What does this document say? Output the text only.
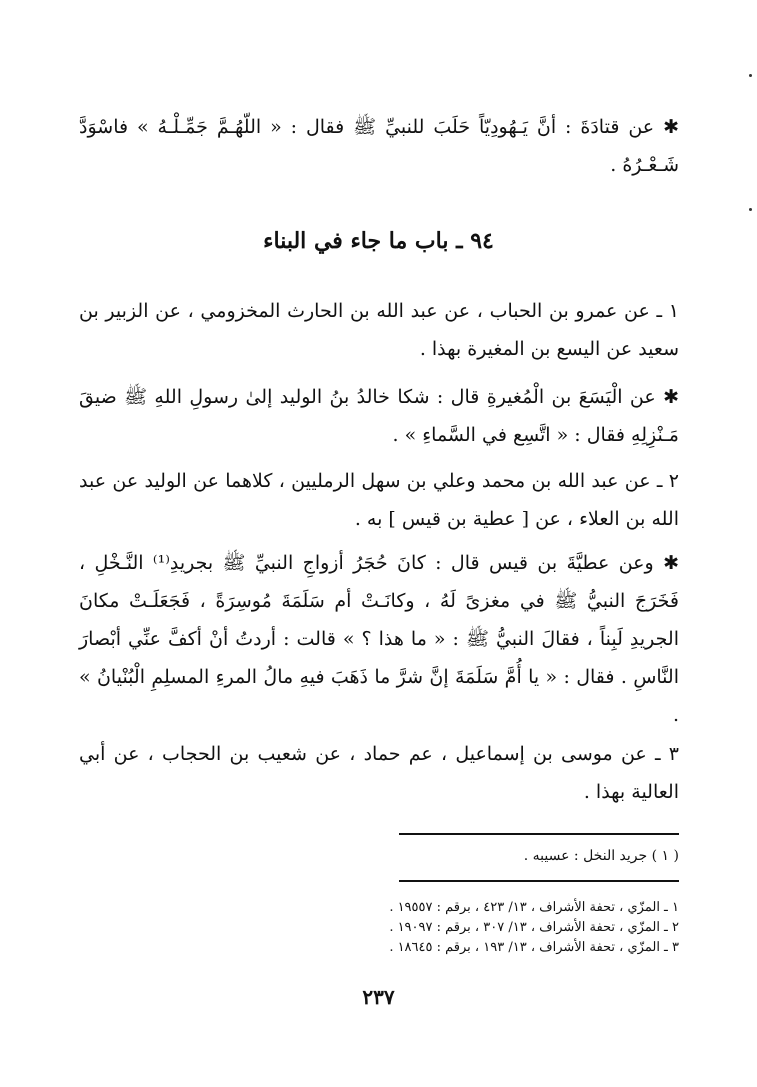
✱ عن قتادَةَ : أنَّ يَـهُودِيّاً حَلَبَ للنبيِّ ﷺ فقال : « اللّهُـمَّ جَمِّـلْـهُ » فاسْوَدَّ شَـعْـرُهُ .
٩٤ ـ باب ما جاء في البناء
١ ـ عن عمرو بن الحباب ، عن عبد الله بن الحارث المخزومي ، عن الزبير بن سعيد عن اليسع بن المغيرة بهذا .
✱ عن الْيَسَعَ بن الْمُغيرةِ قال : شكا خالدُ بنُ الوليد إلىٰ رسولِ اللهِ ﷺ ضيقَ مَـنْزِلِهِ فقال : « اتَّسِع في السَّماءِ » .
٢ ـ عن عبد الله بن محمد وعلي بن سهل الرمليين ، كلاهما عن الوليد عن عبد الله بن العلاء ، عن [ عطية بن قيس ] به .
✱ وعن عطيَّةَ بن قيس قال : كانَ حُجَرُ أزواجِ النبيِّ ﷺ بجريدِ⁽¹⁾ النَّـخْلِ ، فَخَرَجَ النبيُّ ﷺ في مغزىً لَهُ ، وكانَـتْ أم سَلَمَةَ مُوسِرَةً ، فَجَعَلَـتْ مكانَ الجريدِ لَبِناً ، فقالَ النبيُّ ﷺ : « ما هذا ؟ » قالت : أردتُ أنْ أكفَّ عنِّي أبْصارَ النَّاسِ . فقال : « يا أُمَّ سَلَمَةَ إنَّ شرَّ ما ذَهَبَ فيهِ مالُ المرءِ المسلِمِ الْبُنْيانُ » .
٣ ـ عن موسى بن إسماعيل ، عم حماد ، عن شعيب بن الحجاب ، عن أبي العالية بهذا .
( ١ ) جريد النخل : عسيبه .
١ ـ المزّي ، تحفة الأشراف ، ١٣/ ٤٢٣ ، برقم : ١٩٥٥٧ .
٢ ـ المزّي ، تحفة الأشراف ، ١٣/ ٣٠٧ ، برقم : ١٩٠٩٧ .
٣ ـ المزّي ، تحفة الأشراف ، ١٣/ ١٩٣ ، برقم : ١٨٦٤٥ .
٢٣٧
